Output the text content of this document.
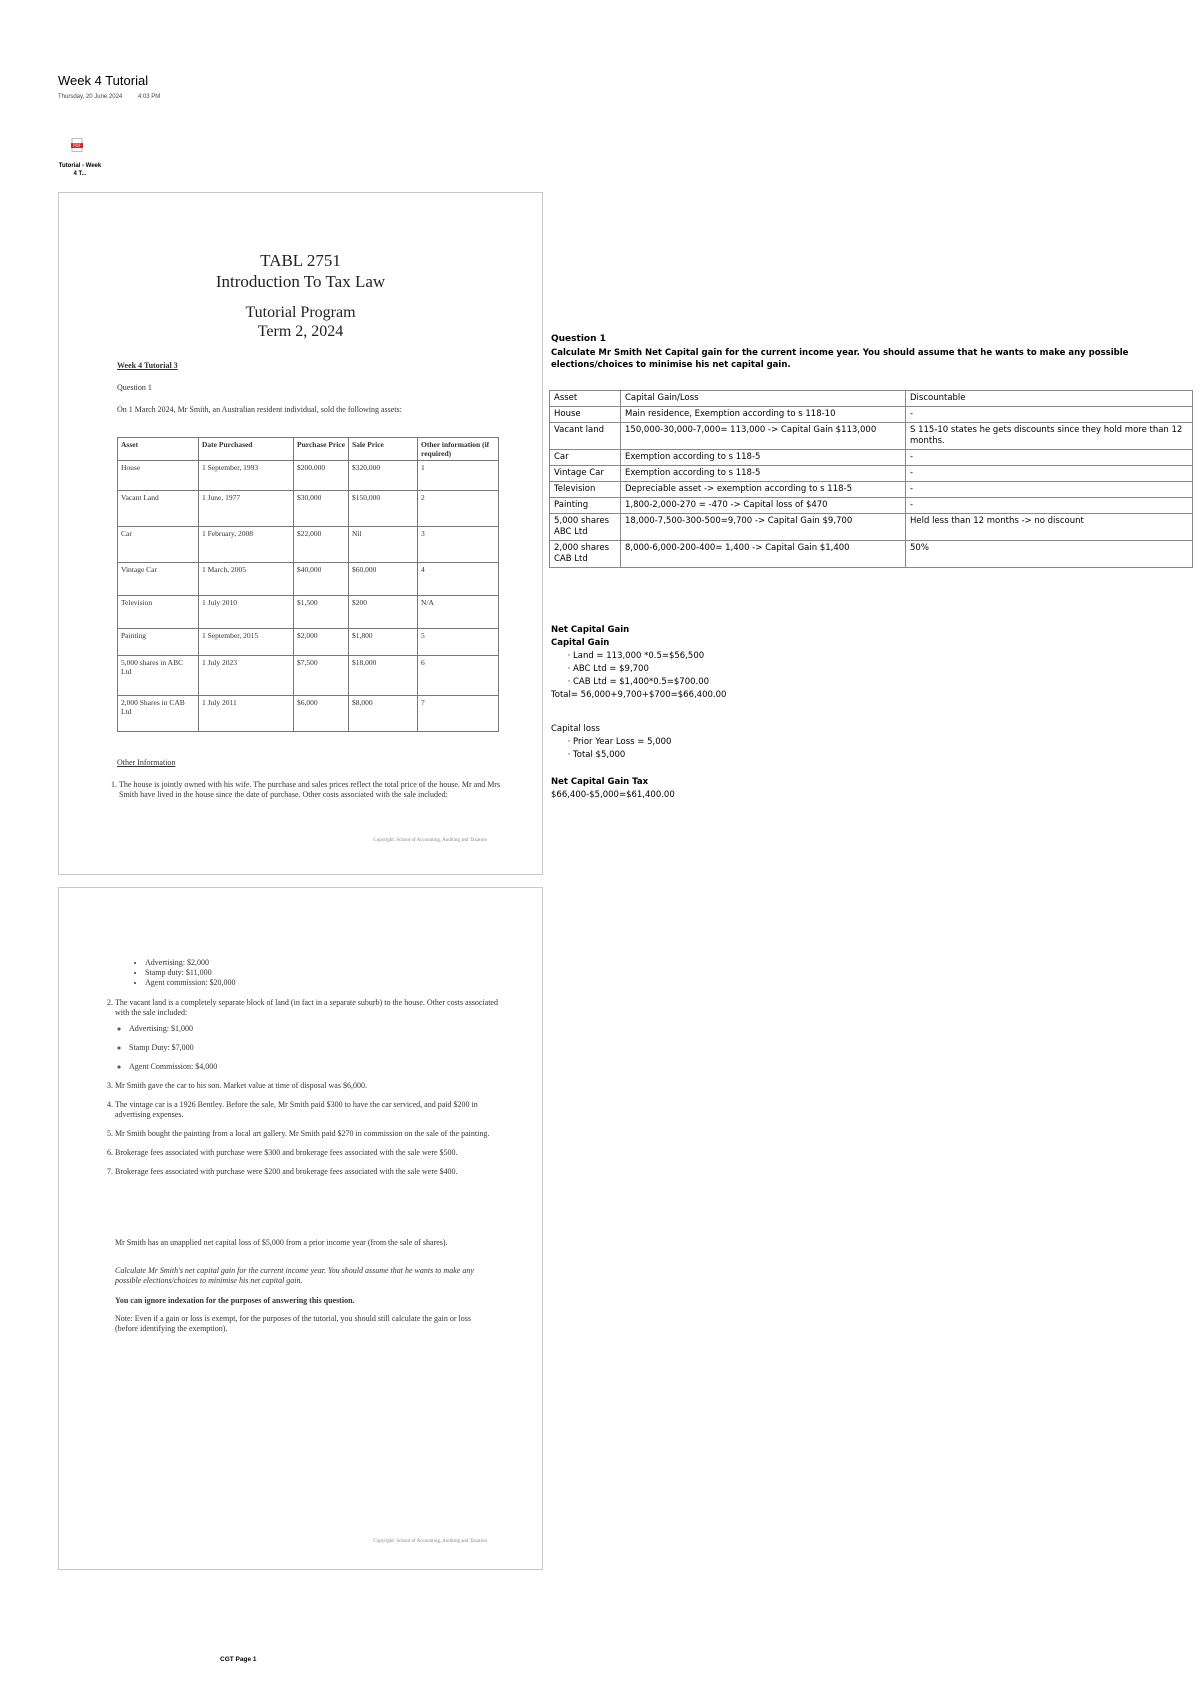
Week 4 Tutorial
Thursday, 20 June 2024	4:03 PM
PDF
Tutorial - Week 4 T...
TABL 2751
Introduction To Tax Law
Tutorial Program
Term 2, 2024
Week 4 Tutorial 3
Question 1
On 1 March 2024, Mr Smith, an Australian resident individual, sold the following assets:
Asset	Date Purchased	Purchase Price	Sale Price	Other information (if required)
House	1 September, 1993	$200,000	$320,000	1
Vacant Land	1 June, 1977	$30,000	$150,000	2
Car	1 February, 2008	$22,000	Nil	3
Vintage Car	1 March, 2005	$40,000	$60,000	4
Television	1 July 2010	$1,500	$200	N/A
Painting	1 September, 2015	$2,000	$1,800	5
5,000 shares in ABC Ltd	1 July 2023	$7,500	$18,000	6
2,000 Shares in CAB Ltd	1 July 2011	$6,000	$8,000	7
Other Information
1. The house is jointly owned with his wife. The purchase and sales prices reflect the total price of the house. Mr and Mrs Smith have lived in the house since the date of purchase. Other costs associated with the sale included:
Copyright: School of Accounting, Auditing and Taxation
• Advertising: $2,000
• Stamp duty: $11,000
• Agent commission: $20,000
2. The vacant land is a completely separate block of land (in fact in a separate suburb) to the house. Other costs associated with the sale included:
◦ Advertising: $1,000
◦ Stamp Duty: $7,000
◦ Agent Commission: $4,000
3. Mr Smith gave the car to his son. Market value at time of disposal was $6,000.
4. The vintage car is a 1926 Bentley. Before the sale, Mr Smith paid $300 to have the car serviced, and paid $200 in advertising expenses.
5. Mr Smith bought the painting from a local art gallery. Mr Smith paid $270 in commission on the sale of the painting.
6. Brokerage fees associated with purchase were $300 and brokerage fees associated with the sale were $500.
7. Brokerage fees associated with purchase were $200 and brokerage fees associated with the sale were $400.
Mr Smith has an unapplied net capital loss of $5,000 from a prior income year (from the sale of shares).
Calculate Mr Smith's net capital gain for the current income year. You should assume that he wants to make any possible elections/choices to minimise his net capital gain.
You can ignore indexation for the purposes of answering this question.
Note: Even if a gain or loss is exempt, for the purposes of the tutorial, you should still calculate the gain or loss (before identifying the exemption).
Copyright: School of Accounting, Auditing and Taxation
Question 1
Calculate Mr Smith Net Capital gain for the current income year. You should assume that he wants to make any possible elections/choices to minimise his net capital gain.
Asset	Capital Gain/Loss	Discountable
House	Main residence, Exemption according to s 118-10	-
Vacant land	150,000-30,000-7,000= 113,000 -> Capital Gain $113,000	S 115-10 states he gets discounts since they hold more than 12 months.
Car	Exemption according to s 118-5	-
Vintage Car	Exemption according to s 118-5	-
Television	Depreciable asset -> exemption according to s 118-5	-
Painting	1,800-2,000-270 = -470 -> Capital loss of $470	-
5,000 shares ABC Ltd	18,000-7,500-300-500=9,700 -> Capital Gain $9,700	Held less than 12 months -> no discount
2,000 shares CAB Ltd	8,000-6,000-200-400= 1,400 -> Capital Gain $1,400	50%
Net Capital Gain
Capital Gain
· Land = 113,000 *0.5=$56,500
· ABC Ltd = $9,700
· CAB Ltd = $1,400*0.5=$700.00
Total= 56,000+9,700+$700=$66,400.00
Capital loss
· Prior Year Loss = 5,000
· Total $5,000
Net Capital Gain Tax
$66,400-$5,000=$61,400.00
CGT Page 1
